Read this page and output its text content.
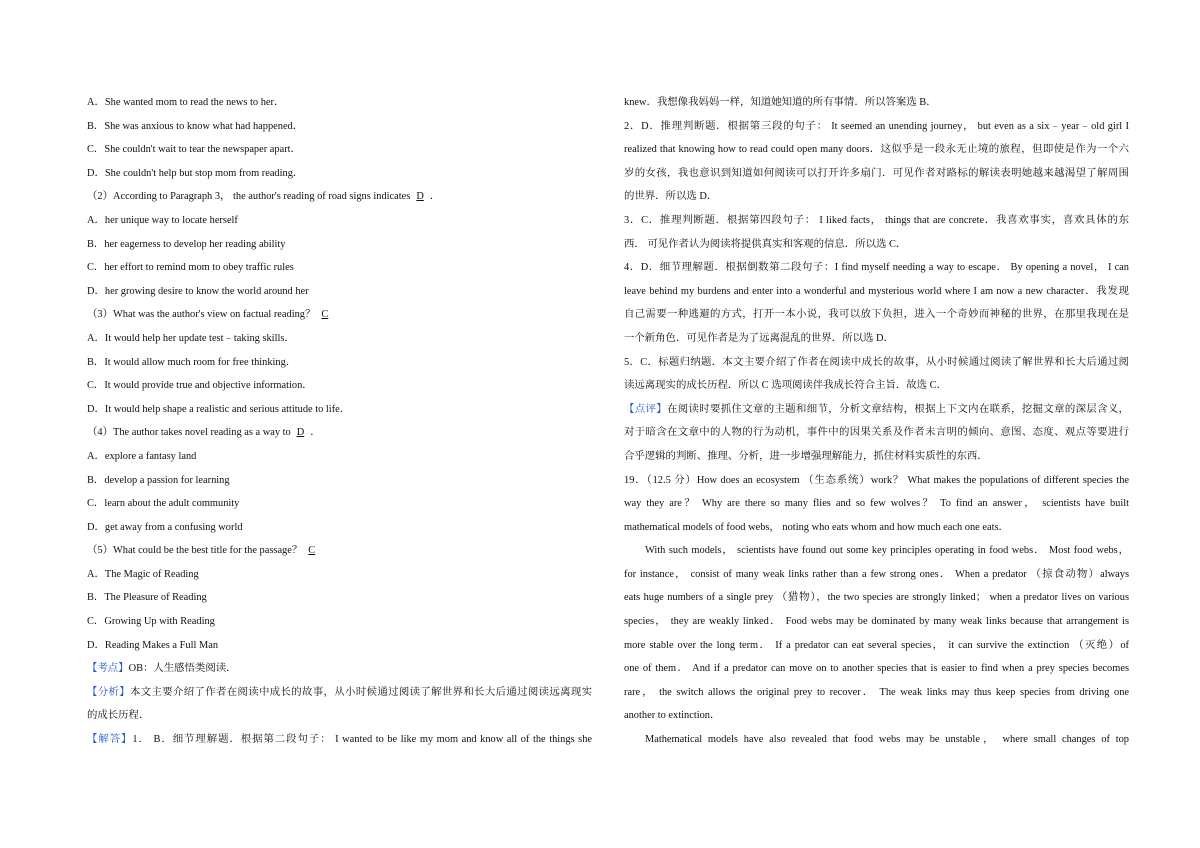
A．She wanted mom to read the news to her．
B．She was anxious to know what had happened．
C．She couldn't wait to tear the newspaper apart．
D．She couldn't help but stop mom from reading．
（2）According to Paragraph 3， the author's reading of road signs indicates D ．
A．her unique way to locate herself
B．her eagerness to develop her reading ability
C．her effort to remind mom to obey traffic rules
D．her growing desire to know the world around her
（3）What was the author's view on factual reading？ C
A．It would help her update test﹣taking skills．
B．It would allow much room for free thinking．
C．It would provide true and objective information．
D．It would help shape a realistic and serious attitude to life．
（4）The author takes novel reading as a way to D ．
A．explore a fantasy land
B．develop a passion for learning
C．learn about the adult community
D．get away from a confusing world
（5）What could be the best title for the passage？ C
A．The Magic of Reading
B．The Pleasure of Reading
C．Growing Up with Reading
D．Reading Makes a Full Man
【考点】OB：人生感悟类阅读．
【分析】本文主要介绍了作者在阅读中成长的故事，从小时候通过阅读了解世界和长大后通过阅读远离现实
的成长历程．
【解答】1． B．细节理解题．根据第二段句子： I wanted to be like my mom and know all of the things she
knew．我想像我妈妈一样，知道她知道的所有事情．所以答案选 B．
2．D．推理判断题．根据第三段的句子： It seemed an unending journey， but even as a six﹣year﹣old girl I
realized that knowing how to read could open many doors．这似乎是一段永无止境的旅程，但即使是作为一个六
岁的女孩，我也意识到知道如何阅读可以打开许多扇门．可见作者对路标的解读表明她越来越渴望了解周围
的世界．所以选 D．
3．C．推理判断题．根据第四段句子： I liked facts， things that are concrete．我喜欢事实，喜欢具体的东
西． 可见作者认为阅读将提供真实和客观的信息．所以选 C．
4．D．细节理解题．根据倒数第二段句子：I find myself needing a way to escape． By opening a novel， I can
leave behind my burdens and enter into a wonderful and mysterious world where I am now a new character．我发现
自己需要一种逃避的方式，打开一本小说，我可以放下负担，进入一个奇妙而神秘的世界，在那里我现在是
一个新角色．可见作者是为了远离混乱的世界．所以选 D．
5．C．标题归纳题．本文主要介绍了作者在阅读中成长的故事，从小时候通过阅读了解世界和长大后通过阅
读远离现实的成长历程．所以 C 选项阅读伴我成长符合主旨．故选 C．
【点评】在阅读时要抓住文章的主题和细节，分析文章结构，根据上下文内在联系，挖掘文章的深层含义，
对于暗含在文章中的人物的行为动机，事件中的因果关系及作者未言明的倾向、意图、态度、观点等要进行
合乎逻辑的判断、推理、分析，进一步增强理解能力，抓住材料实质性的东西．
19．（12.5 分）How does an ecosystem （生态系统）work？ What makes the populations of different species the
way they are？ Why are there so many flies and so few wolves？ To find an answer， scientists have built
mathematical models of food webs， noting who eats whom and how much each one eats．
With such models， scientists have found out some key principles operating in food webs． Most food webs，
for instance， consist of many weak links rather than a few strong ones． When a predator （掠食动物）always
eats huge numbers of a single prey （猎物），the two species are strongly linked； when a predator lives on various
species， they are weakly linked． Food webs may be dominated by many weak links because that arrangement is
more stable over the long term． If a predator can eat several species， it can survive the extinction （灭绝）of
one of them． And if a predator can move on to another species that is easier to find when a prey species becomes
rare， the switch allows the original prey to recover． The weak links may thus keep species from driving one
another to extinction．
Mathematical models have also revealed that food webs may be unstable， where small changes of top
